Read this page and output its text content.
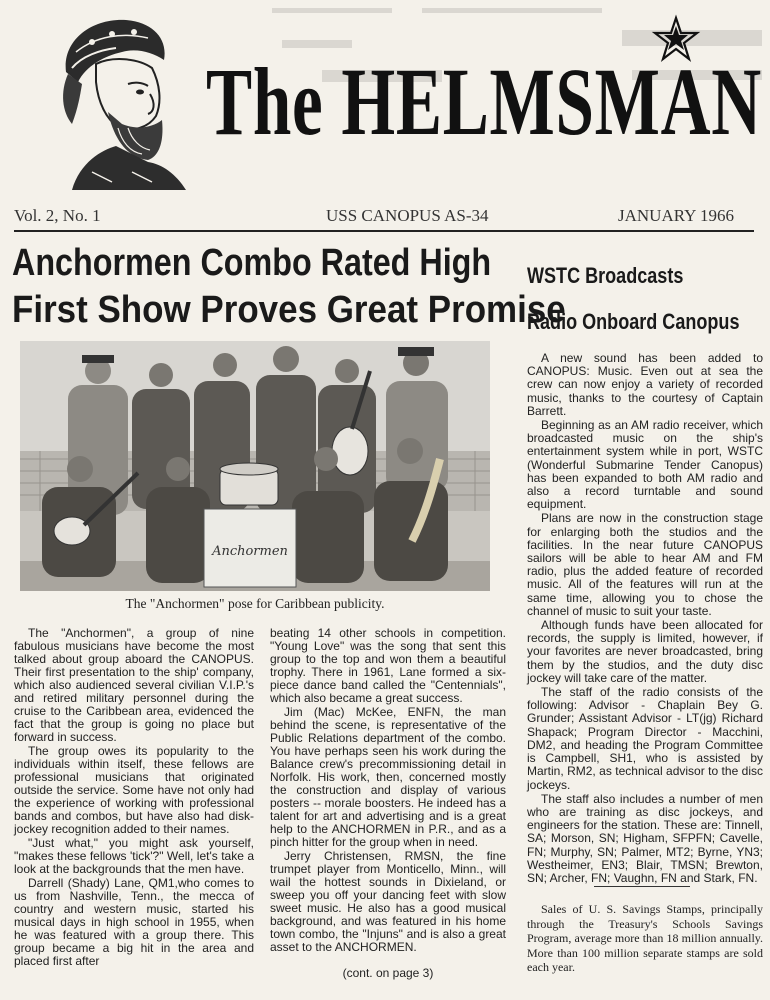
The HELMSMAN
Vol. 2, No. 1	USS CANOPUS AS-34	JANUARY 1966
Anchormen Combo Rated High
First Show Proves Great Promise
WSTC Broadcasts
Radio Onboard Canopus
Anchormen
The "Anchormen" pose for Caribbean publicity.

The "Anchormen", a group of nine fabulous musicians have become the most talked about group aboard the CANOPUS. Their first presentation to the ship' company, which also audienced several civilian V.I.P.'s and retired military personnel during the cruise to the Caribbean area, evidenced the fact that the group is going no place but forward in success.

The group owes its popularity to the individuals within itself, these fellows are professional musicians that originated outside the service. Some have not only had the experience of working with professional bands and combos, but have also had disk-jockey recognition added to their names.

"Just what," you might ask yourself, "makes these fellows 'tick'?" Well, let's take a look at the backgrounds that the men have.

Darrell (Shady) Lane, QM1,who comes to us from Nashville, Tenn., the mecca of country and western music, started his musical days in high school in 1955, when he was featured with a group there. This group became a big hit in the area and placed first after

beating 14 other schools in competition. "Young Love" was the song that sent this group to the top and won them a beautiful trophy. There in 1961, Lane formed a six-piece dance band called the "Centennials", which also became a great success.

Jim (Mac) McKee, ENFN, the man behind the scene, is representative of the Public Relations department of the combo. You have perhaps seen his work during the Balance crew's precommissioning detail in Norfolk. His work, then, concerned mostly the construction and display of various posters -- morale boosters. He indeed has a talent for art and advertising and is a great help to the ANCHORMEN in P.R., and as a pinch hitter for the group when in need.

Jerry Christensen, RMSN, the fine trumpet player from Monticello, Minn., will wail the hottest sounds in Dixieland, or sweep you off your dancing feet with slow sweet music. He also has a good musical background, and was featured in his home town combo, the "Injuns" and is also a great asset to the ANCHORMEN.

(cont. on page 3)

A new sound has been added to CANOPUS: Music. Even out at sea the crew can now enjoy a variety of recorded music, thanks to the courtesy of Captain Barrett.

Beginning as an AM radio receiver, which broadcasted music on the ship's entertainment system while in port, WSTC (Wonderful Submarine Tender Canopus) has been expanded to both AM radio and also a record turntable and sound equipment.

Plans are now in the construction stage for enlarging both the studios and the facilities. In the near future CANOPUS sailors will be able to hear AM and FM radio, plus the added feature of recorded music. All of the features will run at the same time, allowing you to chose the channel of music to suit your taste.

Although funds have been allocated for records, the supply is limited, however, if your favorites are never broadcasted, bring them by the studios, and the duty disc jockey will take care of the matter.

The staff of the radio consists of the following: Advisor - Chaplain Bey G. Grunder; Assistant Advisor - LT(jg) Richard Shapack; Program Director - Macchini, DM2, and heading the Program Committee is Campbell, SH1, who is assisted by Martin, RM2, as technical advisor to the disc jockeys.

The staff also includes a number of men who are training as disc jockeys, and engineers for the station. These are: Tinnell, SA; Morson, SN; Higham, SFPFN; Cavelle, FN; Murphy, SN; Palmer, MT2; Byrne, YN3; Westheimer, EN3; Blair, TMSN; Brewton, SN; Archer, FN; Vaughn, FN and Stark, FN.

Sales of U. S. Savings Stamps, principally through the Treasury's Schools Savings Program, average more than 18 million annually. More than 100 million separate stamps are sold each year.
